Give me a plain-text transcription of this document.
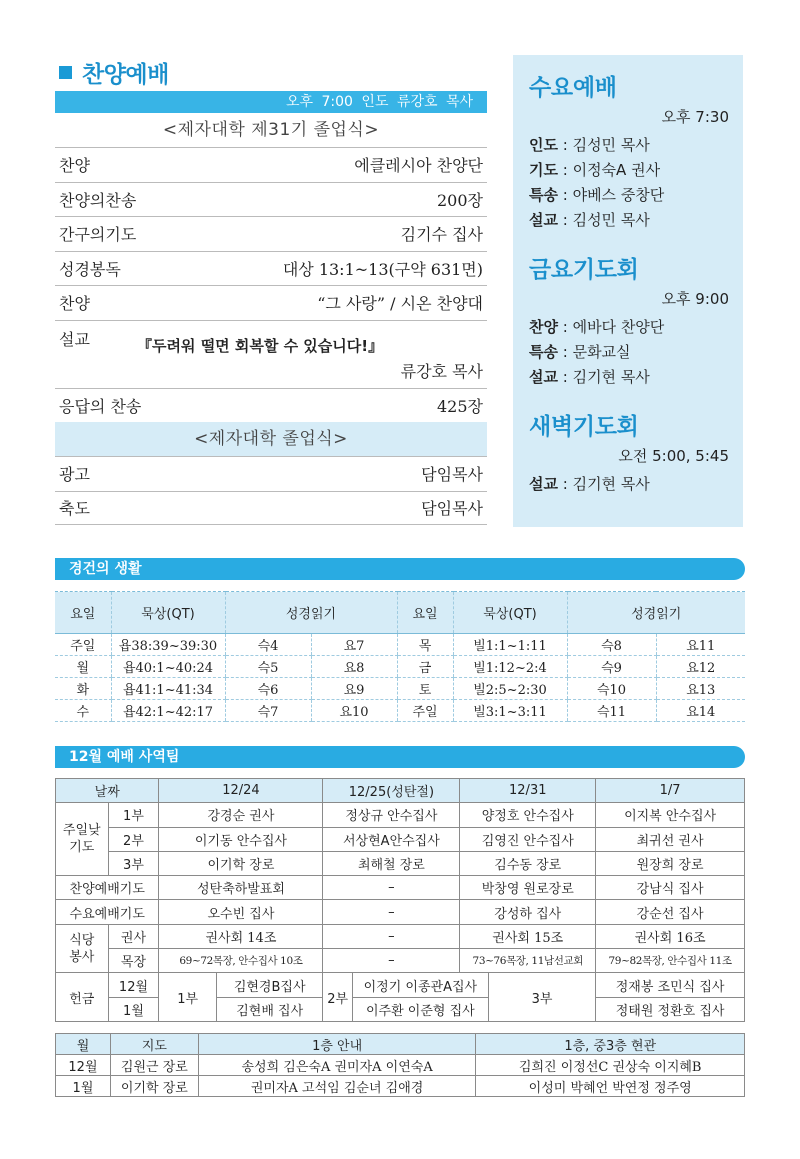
찬양예배
오후 7:00 인도 류강호 목사
<제자대학 제31기 졸업식>
찬양	에클레시아 찬양단
찬양의찬송	200장
간구의기도	김기수 집사
성경봉독	대상 13:1~13(구약 631면)
찬양	“그 사랑” / 시온 찬양대
설교	『두려워 떨면 회복할 수 있습니다!』
류강호 목사
응답의 찬송	425장
<제자대학 졸업식>
광고	담임목사
축도	담임목사
수요예배
오후 7:30
인도 : 김성민 목사
기도 : 이정숙A 권사
특송 : 야베스 중창단
설교 : 김성민 목사
금요기도회
오후 9:00
찬양 : 에바다 찬양단
특송 : 문화교실
설교 : 김기현 목사
새벽기도회
오전 5:00, 5:45
설교 : 김기현 목사
경건의 생활
요일	묵상(QT)	성경읽기		요일	묵상(QT)	성경읽기	
주일	욥38:39~39:30	슥4	요7	목	빌1:1~1:11	슥8	요11
월	욥40:1~40:24	슥5	요8	금	빌1:12~2:4	슥9	요12
화	욥41:1~41:34	슥6	요9	토	빌2:5~2:30	슥10	요13
수	욥42:1~42:17	슥7	요10	주일	빌3:1~3:11	슥11	요14
12월 예배 사역팀
날짜		12/24		12/25(성탄절)		12/31		1/7
주일낮
기도	1부	강경순 권사		정상규 안수집사		양정호 안수집사		이지복 안수집사
	2부	이기동 안수집사		서상현A안수집사		김영진 안수집사		최귀선 권사
	3부	이기학 장로		최해철 장로		김수동 장로		원장희 장로
찬양예배기도		성탄축하발표회		–		박창영 원로장로		강남식 집사
수요예배기도		오수빈 집사		–		강성하 집사		강순선 집사
식당
봉사	권사	권사회 14조		–		권사회 15조		권사회 16조
	목장	69~72목장, 안수집사 10조		–		73~76목장, 11남선교회		79~82목장, 안수집사 11조
헌금	12월	1부	김현경B집사	2부	이정기 이종관A집사		3부	정재봉 조민식 집사
	1월		김현배 집사		이주환 이준형 집사			정태원 정환호 집사
월	지도	1층 안내	1층, 중3층 현관
12월	김원근 장로	송성희 김은숙A 권미자A 이연숙A	김희진 이정선C 권상숙 이지혜B
1월	이기학 장로	권미자A 고석임 김순녀 김애경	이성미 박혜언 박연정 정주영
